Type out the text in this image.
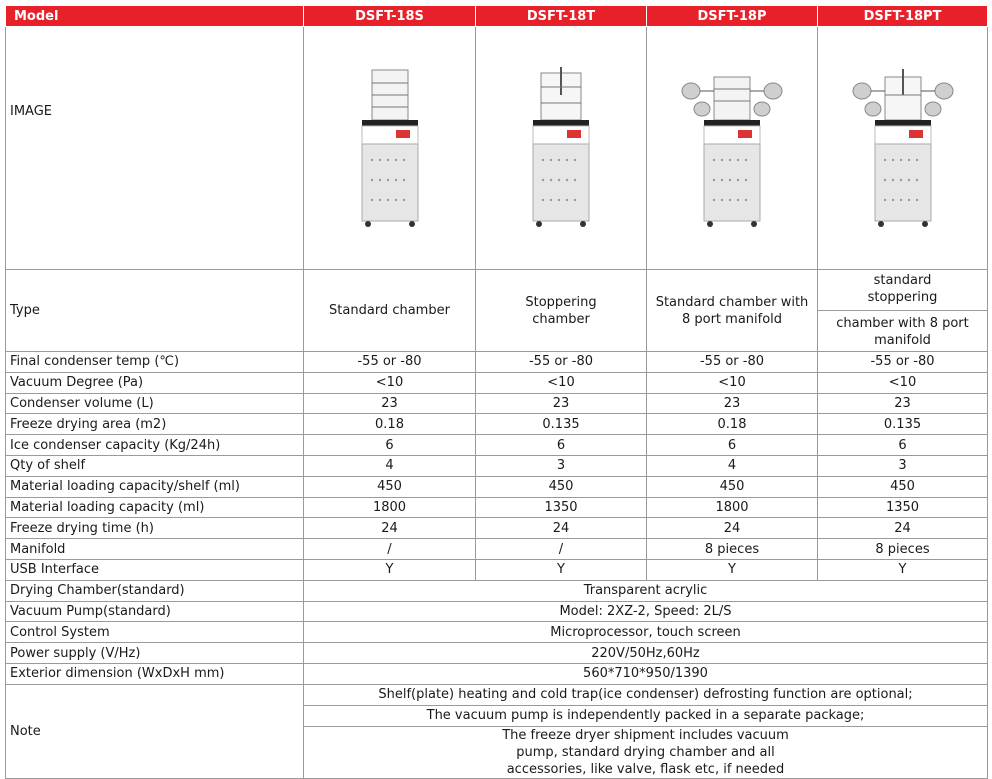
Model	DSFT-18S	DSFT-18T	DSFT-18P	DSFT-18PT
IMAGE	

Type	Standard chamber	Stoppering chamber	Standard chamber with 8 port manifold	standard stoppering
chamber with 8 port manifold

Final condenser temp (℃)	-55 or -80	-55 or -80	-55 or -80	-55 or -80
Vacuum Degree (Pa)	<10	<10	<10	<10
Condenser volume (L)	23	23	23	23
Freeze drying area (m2)	0.18	0.135	0.18	0.135
Ice condenser capacity (Kg/24h)	6	6	6	6
Qty of shelf	4	3	4	3
Material loading capacity/shelf (ml)	450	450	450	450
Material loading capacity (ml)	1800	1350	1800	1350
Freeze drying time (h)	24	24	24	24
Manifold	/	/	8 pieces	8 pieces
USB Interface	Y	Y	Y	Y
Drying Chamber(standard)	Transparent acrylic			
Vacuum Pump(standard)	Model: 2XZ-2, Speed: 2L/S			
Control System	Microprocessor, touch screen			
Power supply (V/Hz)	220V/50Hz,60Hz			
Exterior dimension (WxDxH mm)	560*710*950/1390			
Note	Shelf(plate) heating and cold trap(ice condenser) defrosting function are optional;			
	The vacuum pump is independently packed in a separate package;			
	The freeze dryer shipment includes vacuum pump, standard drying chamber and all accessories, like valve, flask etc, if needed			
